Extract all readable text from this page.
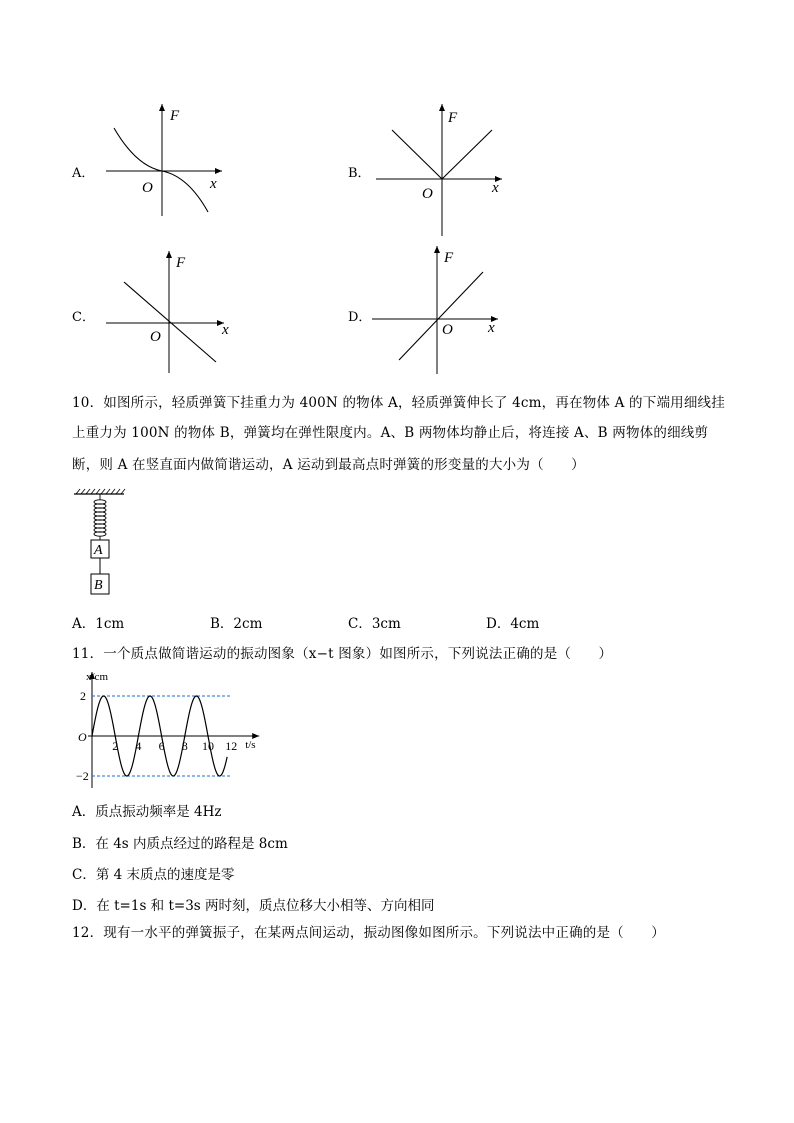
A．
F
x
O
B．
F
x
O
C．
F
x
O
D．
F
x
O
10．如图所示，轻质弹簧下挂重力为 400N 的物体 A，轻质弹簧伸长了 4cm，再在物体 A 的下端用细线挂
上重力为 100N 的物体 B，弹簧均在弹性限度内。A、B 两物体均静止后，将连接 A、B 两物体的细线剪
断，则 A 在竖直面内做简谐运动，A 运动到最高点时弹簧的形变量的大小为（　　）
A
B
A．1cm	B．2cm	C．3cm	D．4cm
11．一个质点做简谐运动的振动图象（x−t 图象）如图所示，下列说法正确的是（　　）
x/cm
t/s
O
2
−2
2 4 6 8 10 12
A．质点振动频率是 4Hz
B．在 4s 内质点经过的路程是 8cm
C．第 4 末质点的速度是零
D．在 t=1s 和 t=3s 两时刻，质点位移大小相等、方向相同
12．现有一水平的弹簧振子，在某两点间运动，振动图像如图所示。下列说法中正确的是（　　）
